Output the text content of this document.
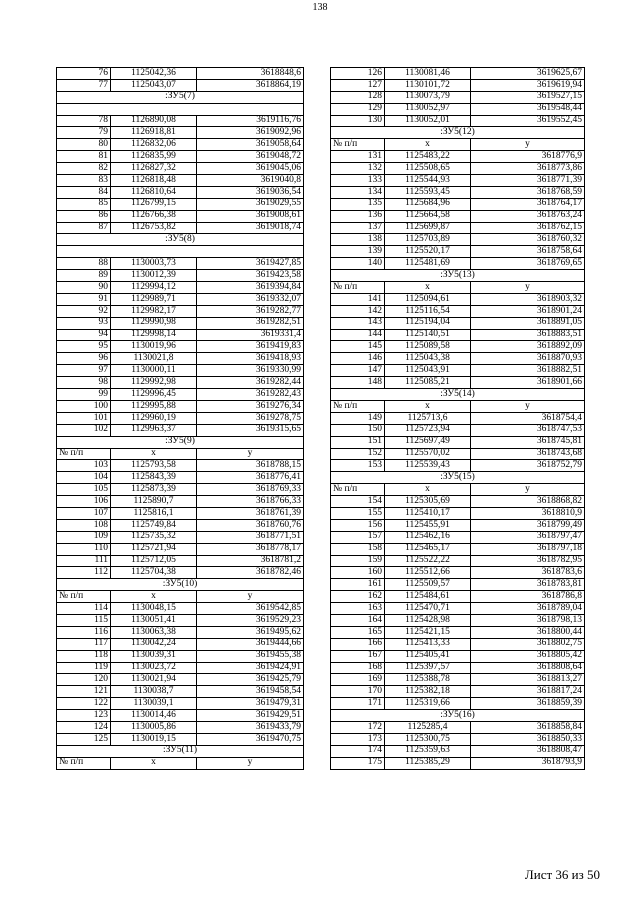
138
76	1125042,36	3618848,6
77	1125043,07	3618864,19
:ЗУ5(7)		

78	1126890,08	3619116,76
79	1126918,81	3619092,96
80	1126832,06	3619058,64
81	1126835,99	3619048,72
82	1126827,32	3619045,06
83	1126818,48	3619040,8
84	1126810,64	3619036,54
85	1126799,15	3619029,55
86	1126766,38	3619008,61
87	1126753,82	3619018,74
:ЗУ5(8)		

88	1130003,73	3619427,85
89	1130012,39	3619423,58
90	1129994,12	3619394,84
91	1129989,71	3619332,07
92	1129982,17	3619282,77
93	1129990,98	3619282,51
94	1129998,14	3619331,4
95	1130019,96	3619419,83
96	1130021,8	3619418,93
97	1130000,11	3619330,99
98	1129992,98	3619282,44
99	1129996,45	3619282,43
100	1129995,88	3619276,34
101	1129960,19	3619278,75
102	1129963,37	3619315,65
:ЗУ5(9)		
№ п/п	x	y
103	1125793,58	3618788,15
104	1125843,39	3618776,41
105	1125873,39	3618769,33
106	1125890,7	3618766,33
107	1125816,1	3618761,39
108	1125749,84	3618760,76
109	1125735,32	3618771,51
110	1125721,94	3618778,17
111	1125712,05	3618781,2
112	1125704,38	3618782,46
:ЗУ5(10)		
№ п/п	x	y
114	1130048,15	3619542,85
115	1130051,41	3619529,23
116	1130063,38	3619495,62
117	1130042,24	3619444,66
118	1130039,31	3619455,38
119	1130023,72	3619424,91
120	1130021,94	3619425,79
121	1130038,7	3619458,54
122	1130039,1	3619479,31
123	1130014,46	3619429,51
124	1130005,86	3619433,79
125	1130019,15	3619470,75
:ЗУ5(11)		
№ п/п	x	y
126	1130081,46	3619625,67
127	1130101,72	3619619,94
128	1130073,79	3619527,15
129	1130052,97	3619548,44
130	1130052,01	3619552,45
:ЗУ5(12)		
№ п/п	x	y
131	1125483,22	3618776,9
132	1125508,65	3618773,86
133	1125544,93	3618771,39
134	1125593,45	3618768,59
135	1125684,96	3618764,17
136	1125664,58	3618763,24
137	1125699,87	3618762,15
138	1125703,89	3618760,32
139	1125520,17	3618758,64
140	1125481,69	3618769,65
:ЗУ5(13)		
№ п/п	x	y
141	1125094,61	3618903,32
142	1125116,54	3618901,24
143	1125194,04	3618891,05
144	1125140,51	3618883,51
145	1125089,58	3618892,09
146	1125043,38	3618870,93
147	1125043,91	3618882,51
148	1125085,21	3618901,66
:ЗУ5(14)		
№ п/п	x	y
149	1125713,6	3618754,4
150	1125723,94	3618747,53
151	1125697,49	3618745,81
152	1125570,02	3618743,68
153	1125539,43	3618752,79
:ЗУ5(15)		
№ п/п	x	y
154	1125305,69	3618868,82
155	1125410,17	3618810,9
156	1125455,91	3618799,49
157	1125462,16	3618797,47
158	1125465,17	3618797,18
159	1125522,22	3618782,95
160	1125512,66	3618783,6
161	1125509,57	3618783,81
162	1125484,61	3618786,8
163	1125470,71	3618789,04
164	1125428,98	3618798,13
165	1125421,15	3618800,44
166	1125413,33	3618802,75
167	1125405,41	3618805,42
168	1125397,57	3618808,64
169	1125388,78	3618813,27
170	1125382,18	3618817,24
171	1125319,66	3618859,39
:ЗУ5(16)		
172	1125285,4	3618858,84
173	1125300,75	3618850,33
174	1125359,63	3618808,47
175	1125385,29	3618793,9
Лист 36 из 50
